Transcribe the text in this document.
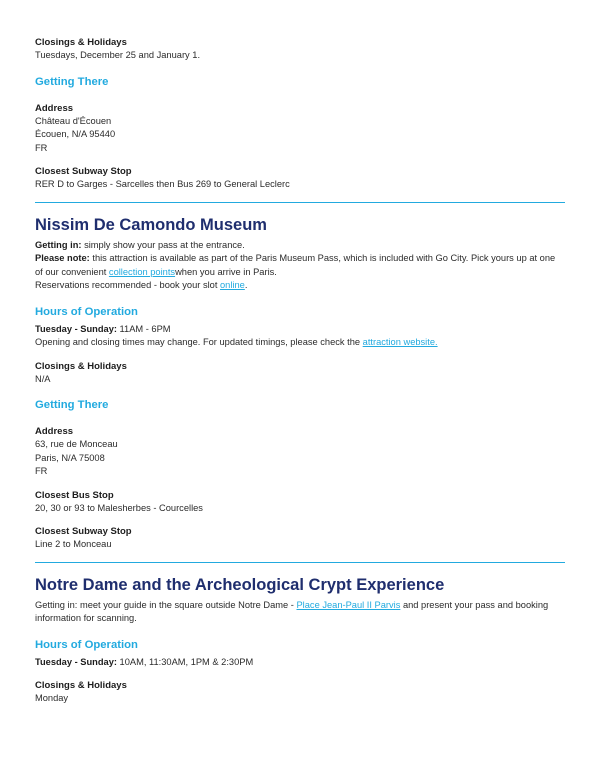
Closings & Holidays
Tuesdays, December 25 and January 1.
Getting There
Address
Château d'Écouen
Écouen, N/A 95440
FR
Closest Subway Stop
RER D to Garges - Sarcelles then Bus 269 to General Leclerc
Nissim De Camondo Museum
Getting in: simply show your pass at the entrance.
Please note: this attraction is available as part of the Paris Museum Pass, which is included with Go City. Pick yours up at one of our convenient collection pointswhen you arrive in Paris.
Reservations recommended - book your slot online.
Hours of Operation
Tuesday - Sunday: 11AM - 6PM
Opening and closing times may change. For updated timings, please check the attraction website.
Closings & Holidays
N/A
Getting There
Address
63, rue de Monceau
Paris, N/A 75008
FR
Closest Bus Stop
20, 30 or 93 to Malesherbes - Courcelles
Closest Subway Stop
Line 2 to Monceau
Notre Dame and the Archeological Crypt Experience
Getting in: meet your guide in the square outside Notre Dame - Place Jean-Paul II Parvis and present your pass and booking information for scanning.
Hours of Operation
Tuesday - Sunday: 10AM, 11:30AM, 1PM & 2:30PM
Closings & Holidays
Monday
